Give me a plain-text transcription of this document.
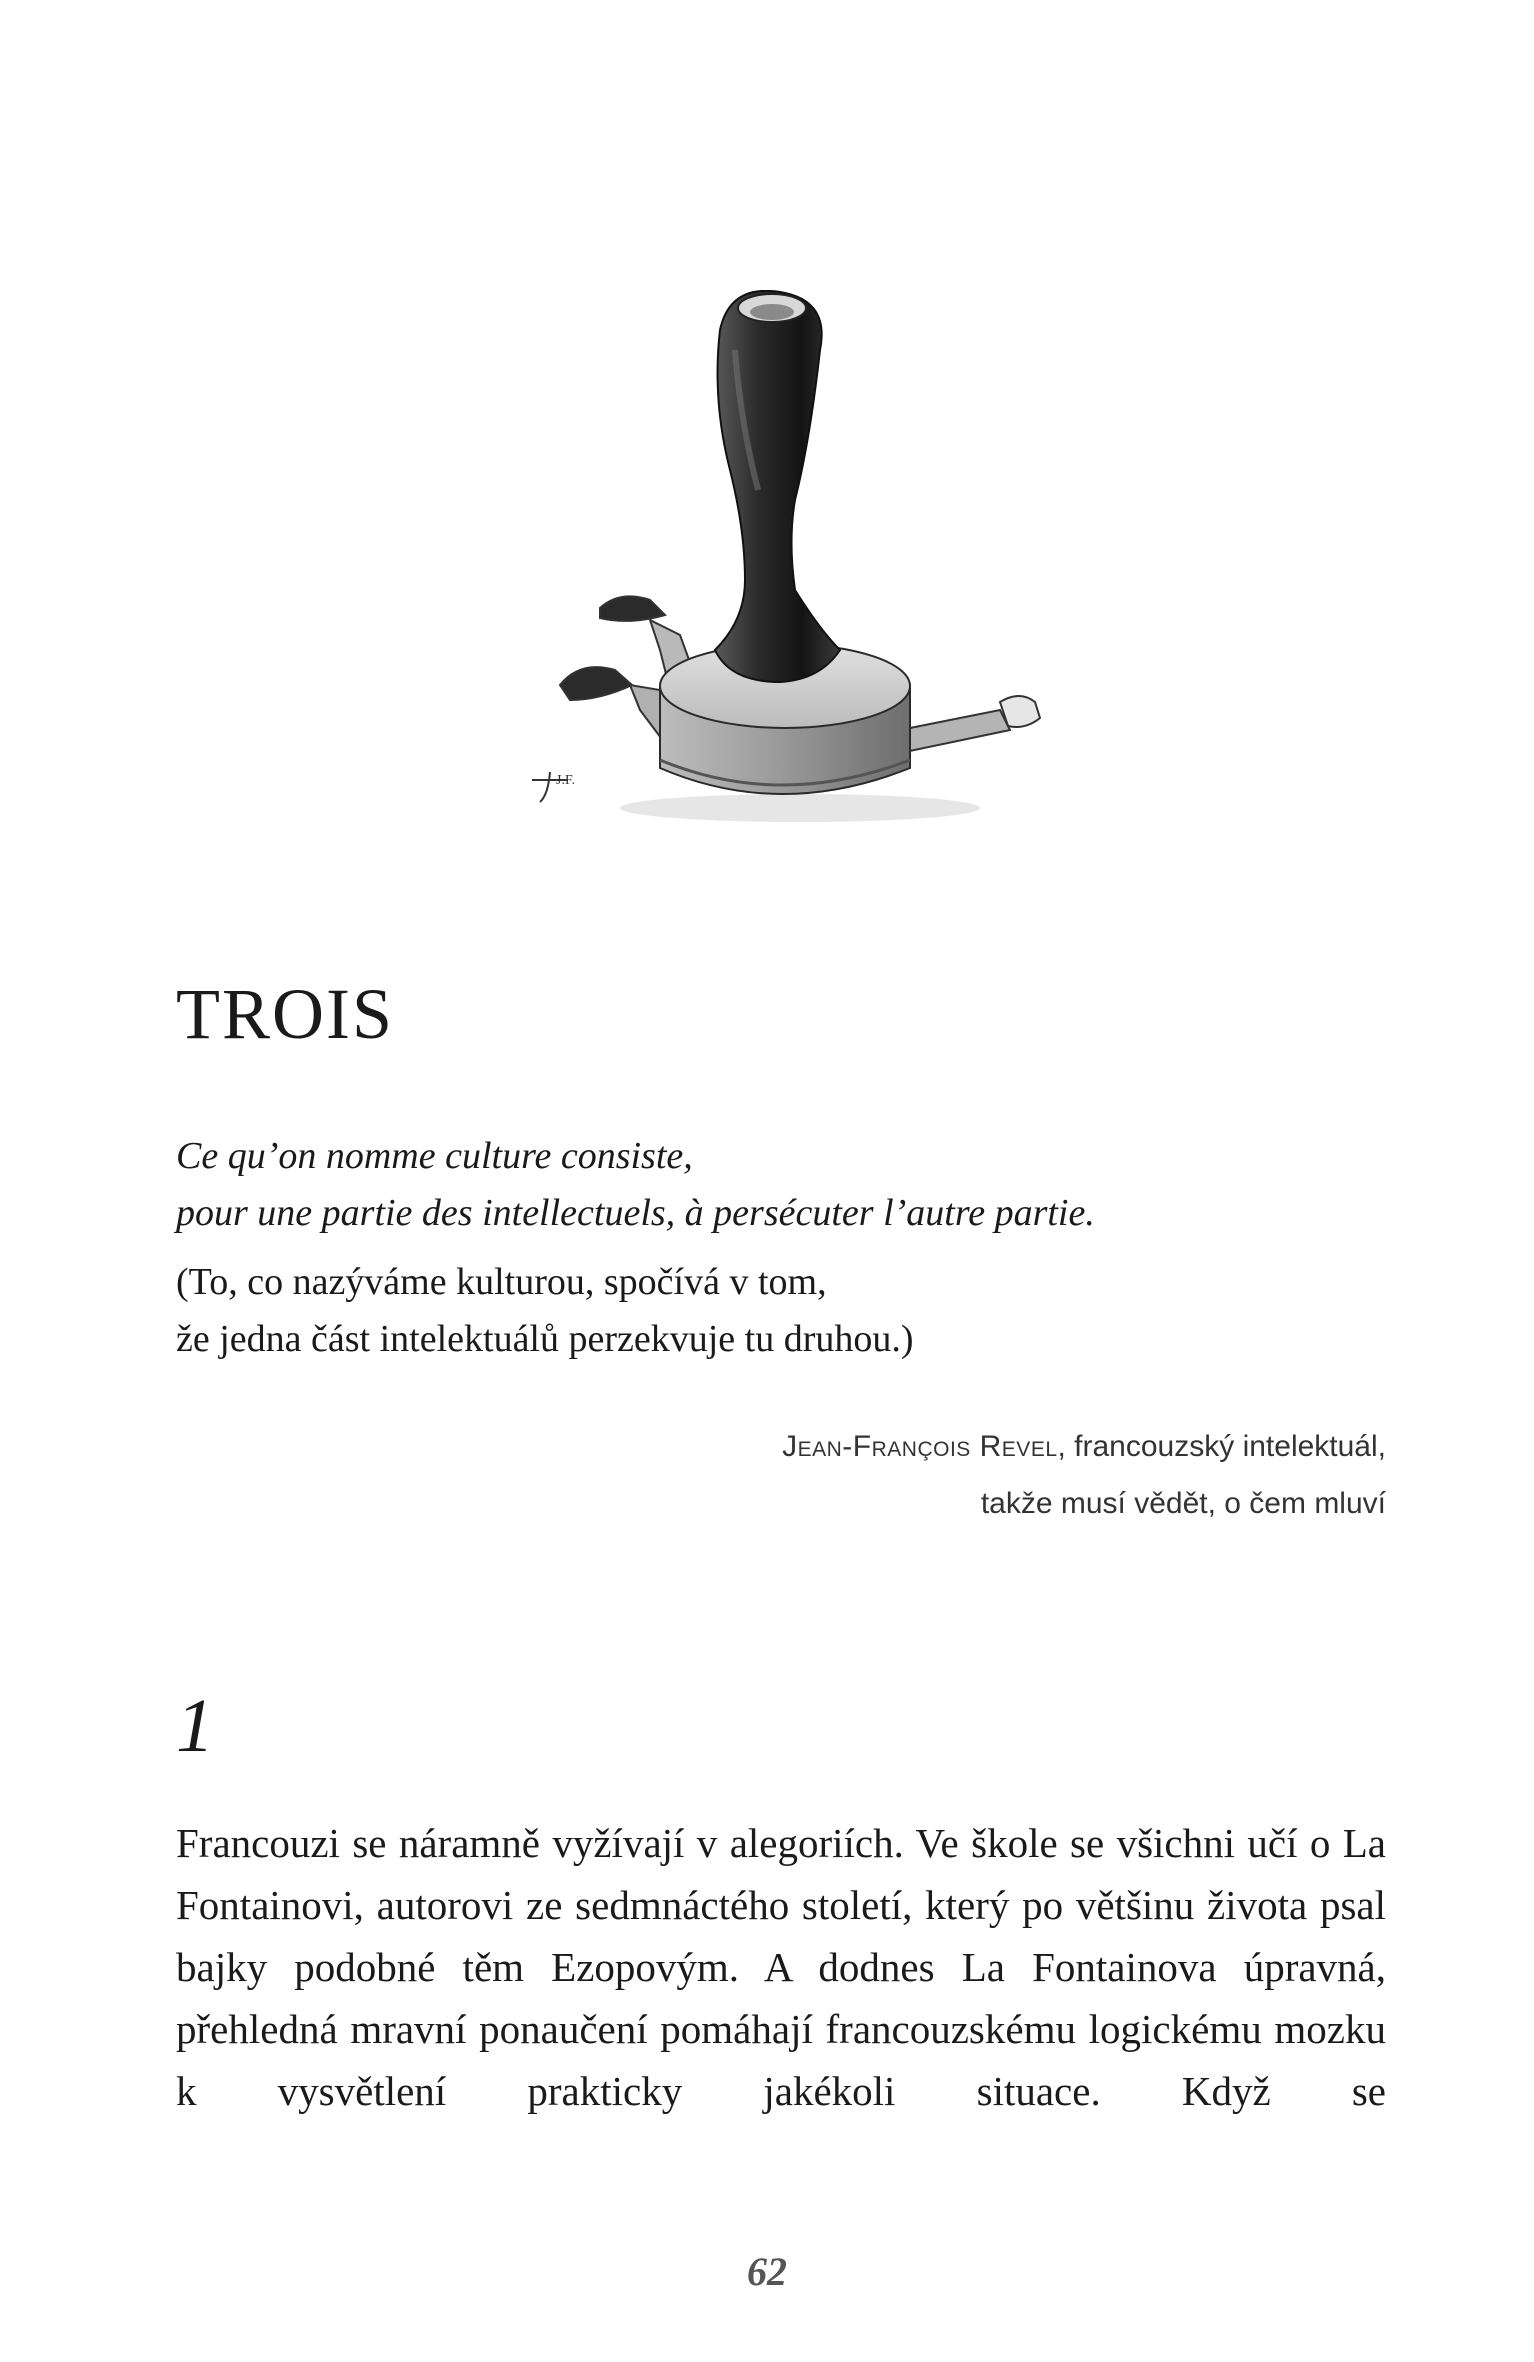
J.F.
TROIS

Ce qu’on nomme culture consiste,
pour une partie des intellectuels, à persécuter l’autre partie.

(To, co nazýváme kulturou, spočívá v tom,
že jedna část intelektuálů perzekvuje tu druhou.)

Jean-François Revel, francouzský intelektuál,
takže musí vědět, o čem mluví
1

Francouzi se náramně vyžívají v alegoriích. Ve škole se všichni učí o La Fontainovi, autorovi ze sedmnáctého století, který po většinu života psal bajky podobné těm Ezopovým. A dodnes La Fontainova úpravná, přehledná mravní ponaučení pomáhají francouzskému logickému mozku k vysvětlení prakticky jakékoli situace. Když se

62
